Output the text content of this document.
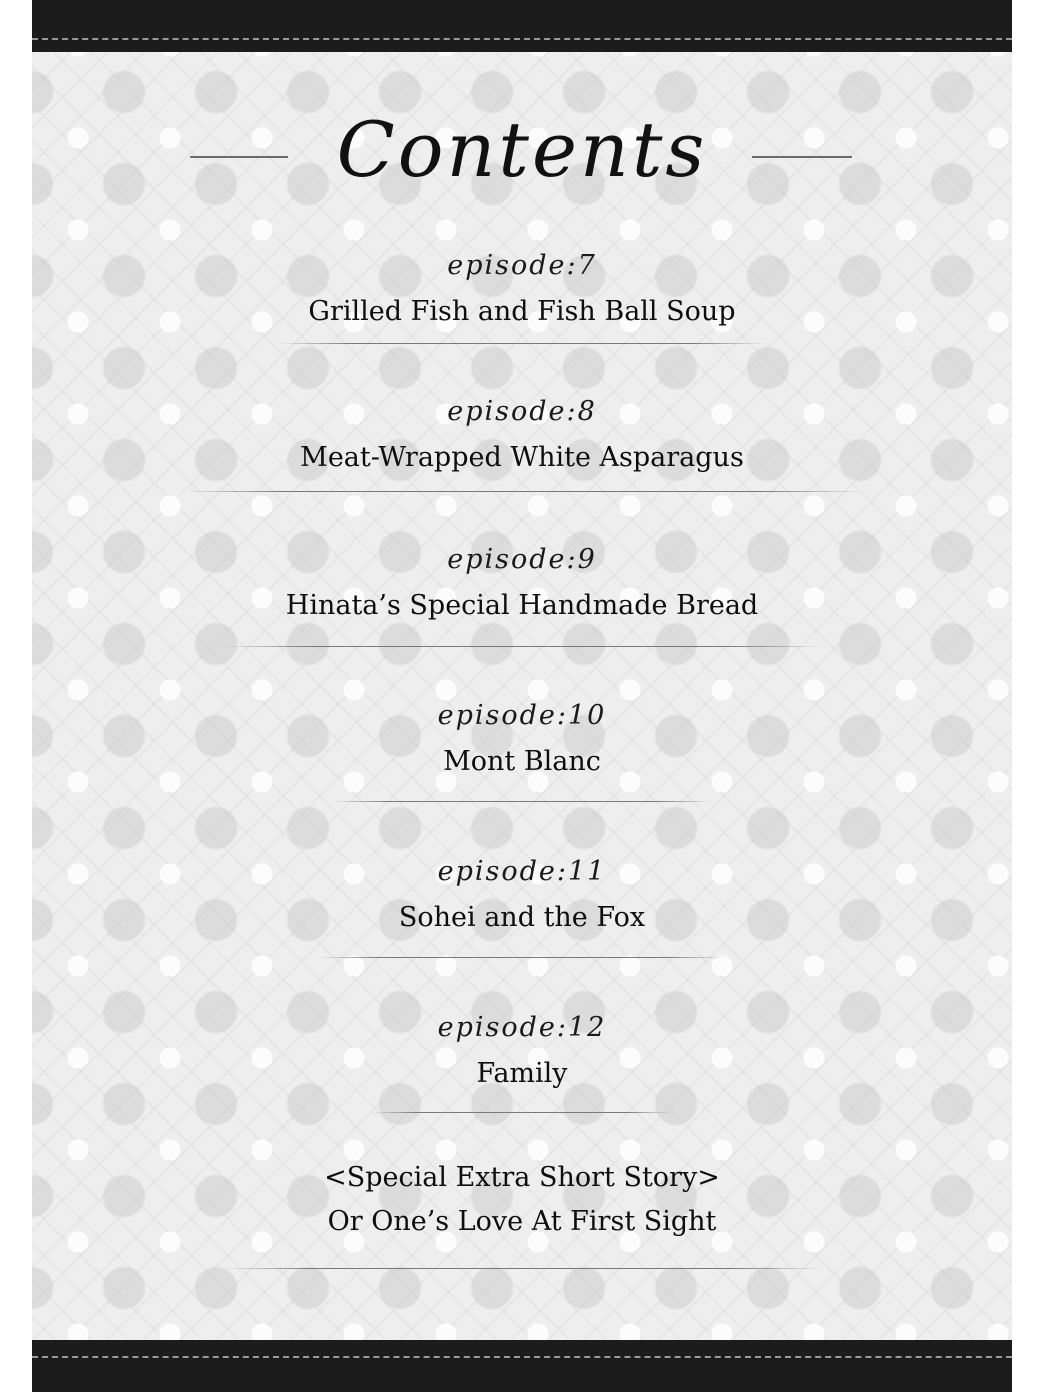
Contents
episode:7
Grilled Fish and Fish Ball Soup
episode:8
Meat-Wrapped White Asparagus
episode:9
Hinata’s Special Handmade Bread
episode:10
Mont Blanc
episode:11
Sohei and the Fox
episode:12
Family
<Special Extra Short Story>
Or One’s Love At First Sight
